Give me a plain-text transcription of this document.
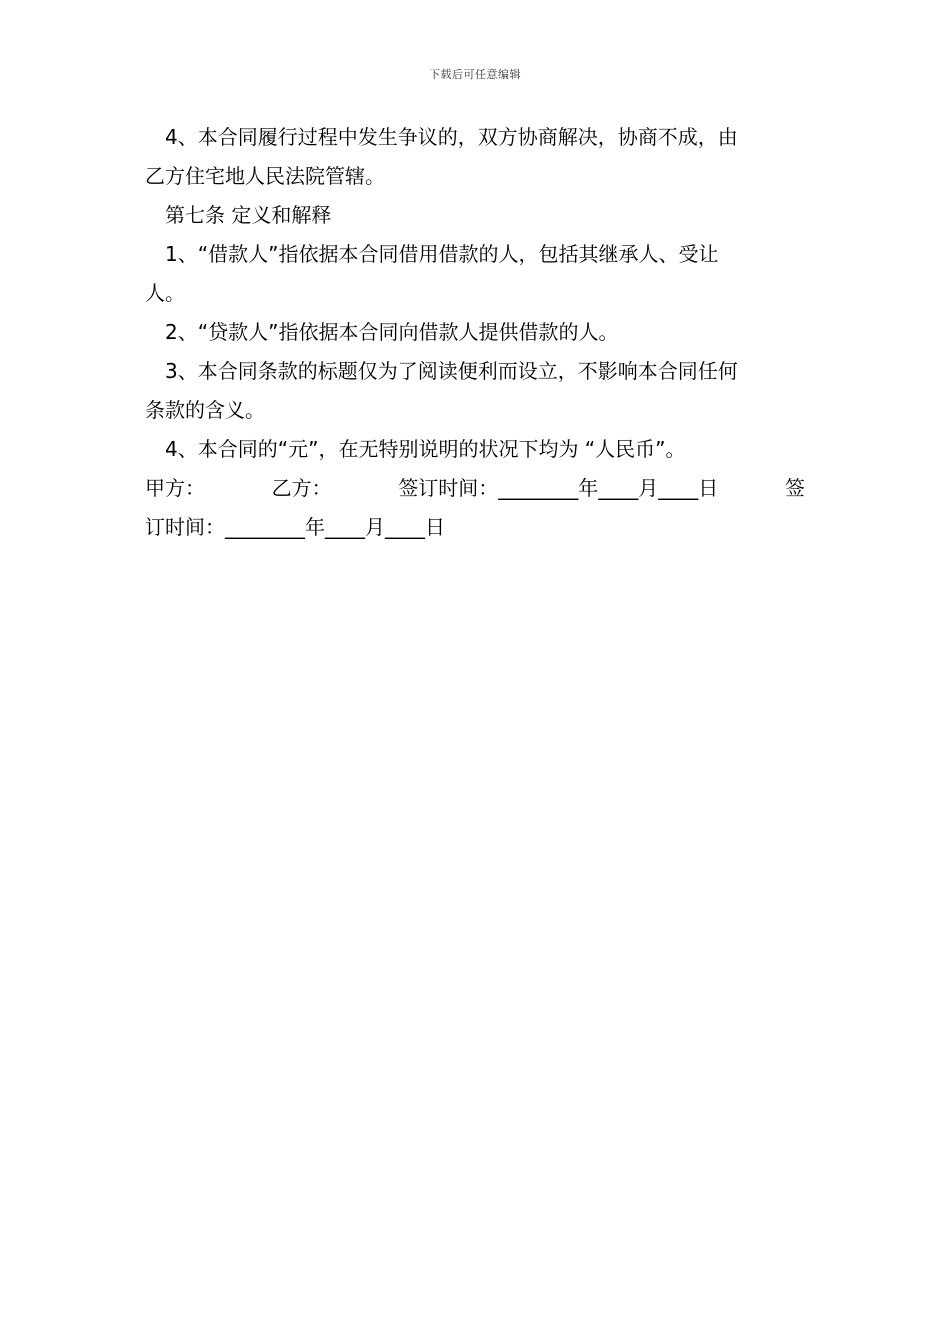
下载后可任意编辑

4、本合同履行过程中发生争议的，双方协商解决，协商不成，由

乙方住宅地人民法院管辖。

第七条 定义和解释

1、“借款人”指依据本合同借用借款的人，包括其继承人、受让

人。

2、“贷款人”指依据本合同向借款人提供借款的人。

3、本合同条款的标题仅为了阅读便利而设立，不影响本合同任何

条款的含义。

4、本合同的“元”，在无特别说明的状况下均为 “人民币”。

甲方：	乙方：	签订时间：________年____月____日	签

订时间：________年____月____日
